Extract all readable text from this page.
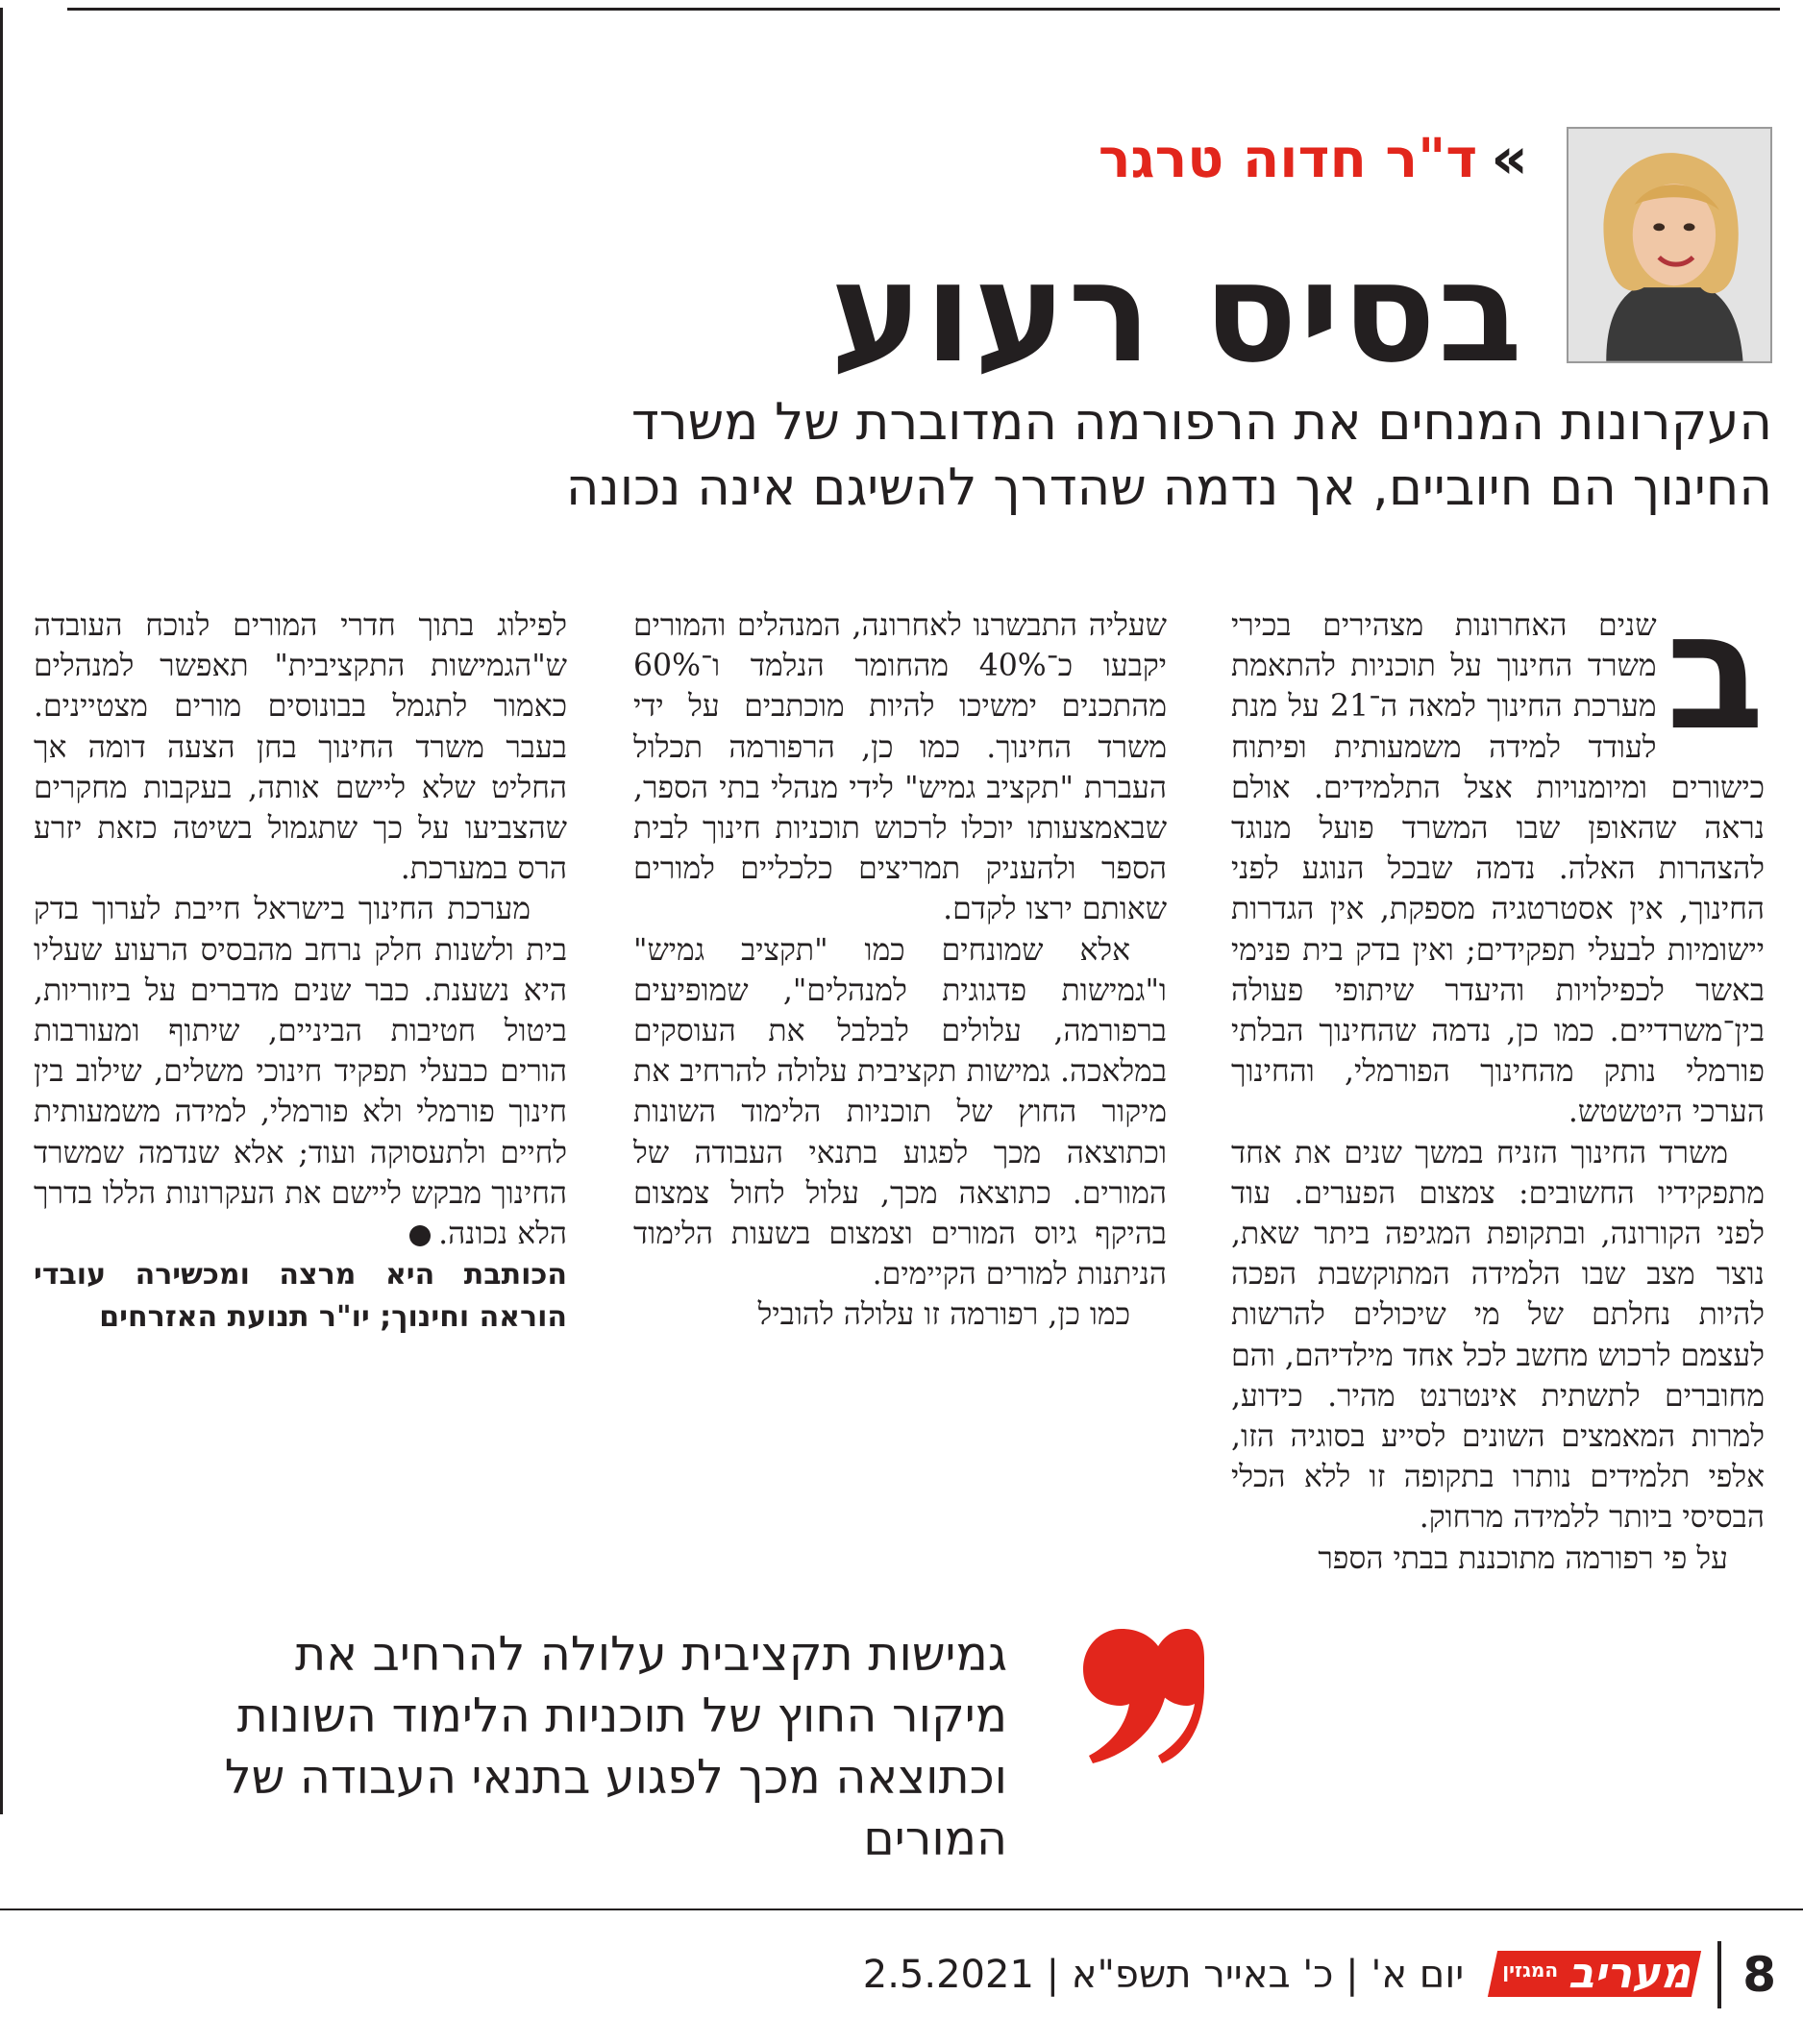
»
ד"ר חדוה טרגר
בסיס רעוע
העקרונות המנחים את הרפורמה המדוברת של משרד החינוך הם חיוביים, אך נדמה שהדרך להשיגם אינה נכונה
ב

שנים האחרונות מצהירים בכירי משרד החינוך על תוכניות להתאמת מערכת החינוך למאה ה־21 על מנת לעודד למידה משמעותית ופיתוח כישורים ומיומנויות אצל התלמידים. אולם נראה שהאופן שבו המשרד פועל מנוגד להצהרות האלה. נדמה שבכל הנוגע לפני החינוך, אין אסטרטגיה מספקת, אין הגדרות יישומיות לבעלי תפקידים; ואין בדק בית פנימי באשר לכפילויות והיעדר שיתופי פעולה בין־משרדיים. כמו כן, נדמה שהחינוך הבלתי פורמלי נותק מהחינוך הפורמלי, והחינוך הערכי היטשטש.

משרד החינוך הזניח במשך שנים את אחד מתפקידיו החשובים: צמצום הפערים. עוד לפני הקורונה, ובתקופת המגיפה ביתר שאת, נוצר מצב שבו הלמידה המתוקשבת הפכה להיות נחלתם של מי שיכולים להרשות לעצמם לרכוש מחשב לכל אחד מילדיהם, והם מחוברים לתשתית אינטרנט מהיר. כידוע, למרות המאמצים השונים לסייע בסוגיה הזו, אלפי תלמידים נותרו בתקופה זו ללא הכלי הבסיסי ביותר ללמידה מרחוק.

על פי רפורמה מתוכננת בבתי הספר

שעליה התבשרנו לאחרונה, המנהלים והמורים יקבעו כ־40% מהחומר הנלמד ו־60% מהתכנים ימשיכו להיות מוכתבים על ידי משרד החינוך. כמו כן, הרפורמה תכלול העברת "תקציב גמיש" לידי מנהלי בתי הספר, שבאמצעותו יוכלו לרכוש תוכניות חינוך לבית הספר ולהעניק תמריצים כלכליים למורים שאותם ירצו לקדם.

אלא שמונחים כמו "תקציב גמיש" ו"גמישות פדגוגית למנהלים", שמופיעים ברפורמה, עלולים לבלבל את העוסקים במלאכה. גמישות תקציבית עלולה להרחיב את מיקור החוץ של תוכניות הלימוד השונות וכתוצאה מכך לפגוע בתנאי העבודה של המורים. כתוצאה מכך, עלול לחול צמצום בהיקף גיוס המורים וצמצום בשעות הלימוד הניתנות למורים הקיימים.

כמו כן, רפורמה זו עלולה להוביל

לפילוג בתוך חדרי המורים לנוכח העובדה ש"הגמישות התקציבית" תאפשר למנהלים כאמור לתגמל בבונוסים מורים מצטיינים. בעבר משרד החינוך בחן הצעה דומה אך החליט שלא ליישם אותה, בעקבות מחקרים שהצביעו על כך שתגמול בשיטה כזאת יזרע הרס במערכת.

מערכת החינוך בישראל חייבת לערוך בדק בית ולשנות חלק נרחב מהבסיס הרעוע שעליו היא נשענת. כבר שנים מדברים על ביזוריות, ביטול חטיבות הביניים, שיתוף ומעורבות הורים כבעלי תפקיד חינוכי משלים, שילוב בין חינוך פורמלי ולא פורמלי, למידה משמעותית לחיים ולתעסוקה ועוד; אלא שנדמה שמשרד החינוך מבקש ליישם את העקרונות הללו בדרך הלא נכונה.

הכותבת היא מרצה ומכשירה עובדי הוראה וחינוך; יו"ר תנועת האזרחים

גמישות תקציבית עלולה להרחיב את מיקור החוץ של תוכניות הלימוד השונות וכתוצאה מכך לפגוע בתנאי העבודה של המורים
8
מעריב
המגזין
יום א' | כ' באייר תשפ"א | 2.5.2021
